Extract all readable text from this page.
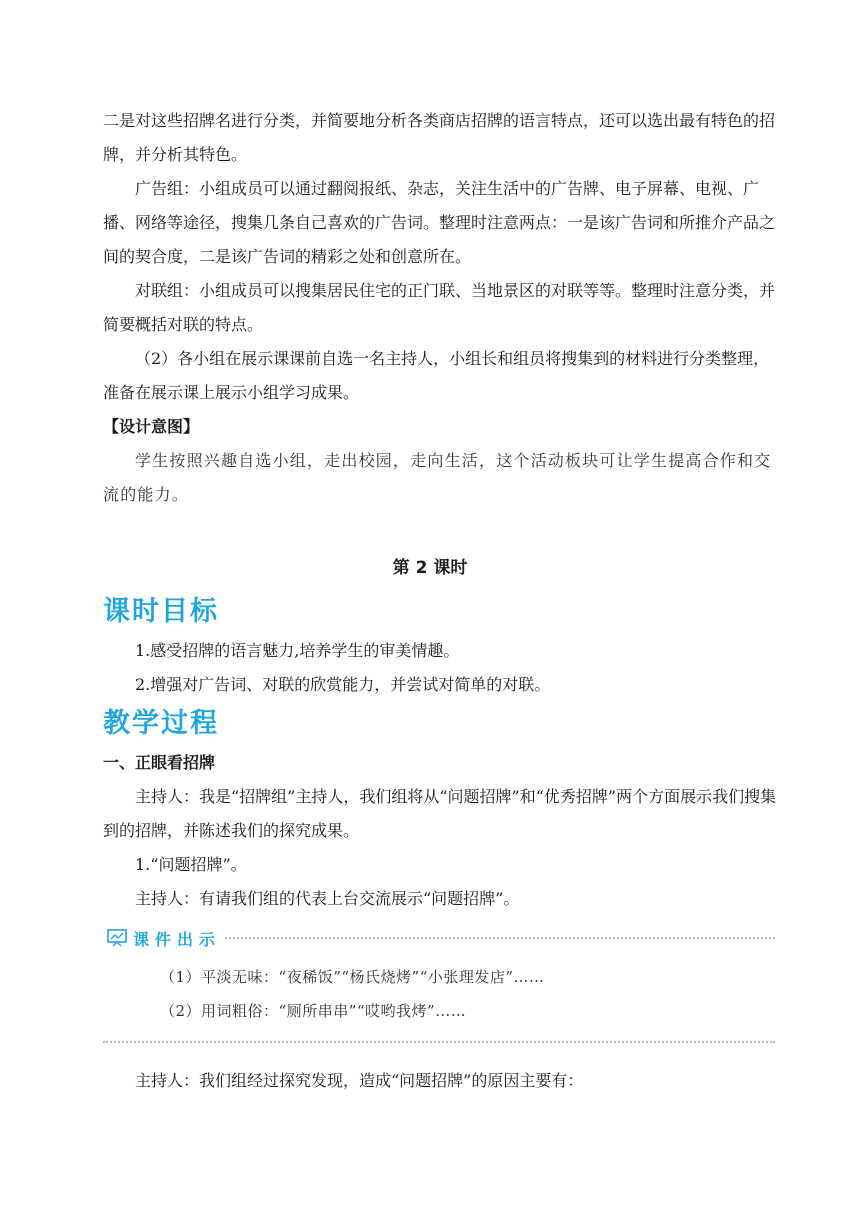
二是对这些招牌名进行分类，并简要地分析各类商店招牌的语言特点，还可以选出最有特色的招牌，并分析其特色。

广告组：小组成员可以通过翻阅报纸、杂志，关注生活中的广告牌、电子屏幕、电视、广播、网络等途径，搜集几条自己喜欢的广告词。整理时注意两点：一是该广告词和所推介产品之间的契合度，二是该广告词的精彩之处和创意所在。

对联组：小组成员可以搜集居民住宅的正门联、当地景区的对联等等。整理时注意分类，并简要概括对联的特点。

（2）各小组在展示课课前自选一名主持人，小组长和组员将搜集到的材料进行分类整理，准备在展示课上展示小组学习成果。

【设计意图】

学生按照兴趣自选小组，走出校园，走向生活，这个活动板块可让学生提高合作和交流的能力。

第 2 课时
课时目标

1.感受招牌的语言魅力,培养学生的审美情趣。

2.增强对广告词、对联的欣赏能力，并尝试对简单的对联。

教学过程

一、正眼看招牌

主持人：我是“招牌组”主持人，我们组将从“问题招牌”和“优秀招牌”两个方面展示我们搜集到的招牌，并陈述我们的探究成果。

1.“问题招牌”。

主持人：有请我们组的代表上台交流展示“问题招牌”。

课件出示
（1）平淡无味：“夜稀饭”“杨氏烧烤”“小张理发店”……
（2）用词粗俗：“厕所串串”“哎哟我烤”……

主持人：我们组经过探究发现，造成“问题招牌”的原因主要有：
